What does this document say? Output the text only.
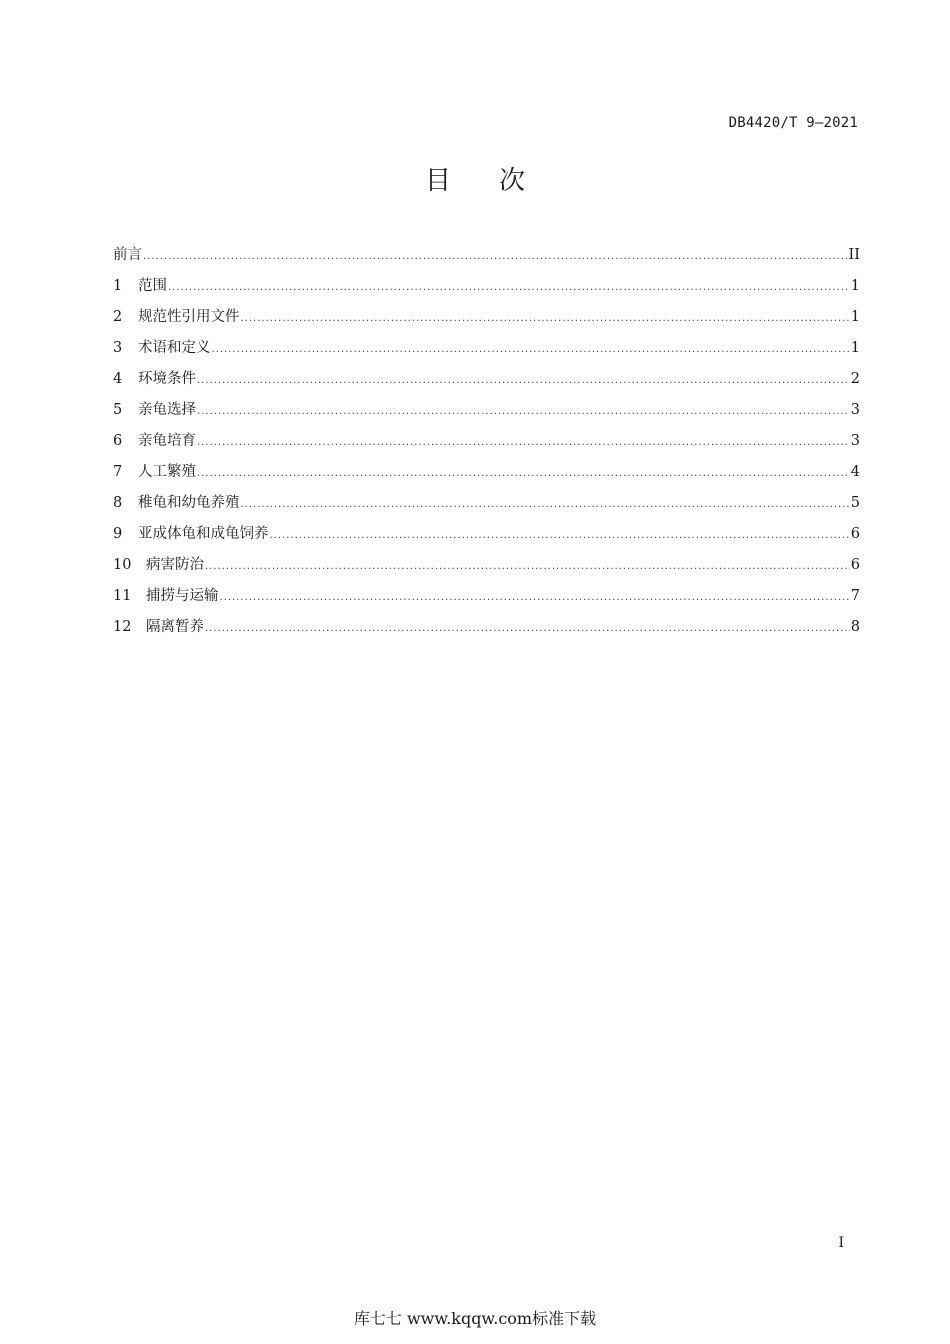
DB4420/T 9—2021
目次
前言 .....	II
1	范围 .....	1
2	规范性引用文件 .....	1
3	术语和定义 .....	1
4	环境条件 .....	2
5	亲龟选择 .....	3
6	亲龟培育 .....	3
7	人工繁殖 .....	4
8	稚龟和幼龟养殖 .....	5
9	亚成体龟和成龟饲养 .....	6
10	病害防治 .....	6
11	捕捞与运输 .....	7
12	隔离暂养 .....	8
I
库七七 www.kqqw.com标准下载
